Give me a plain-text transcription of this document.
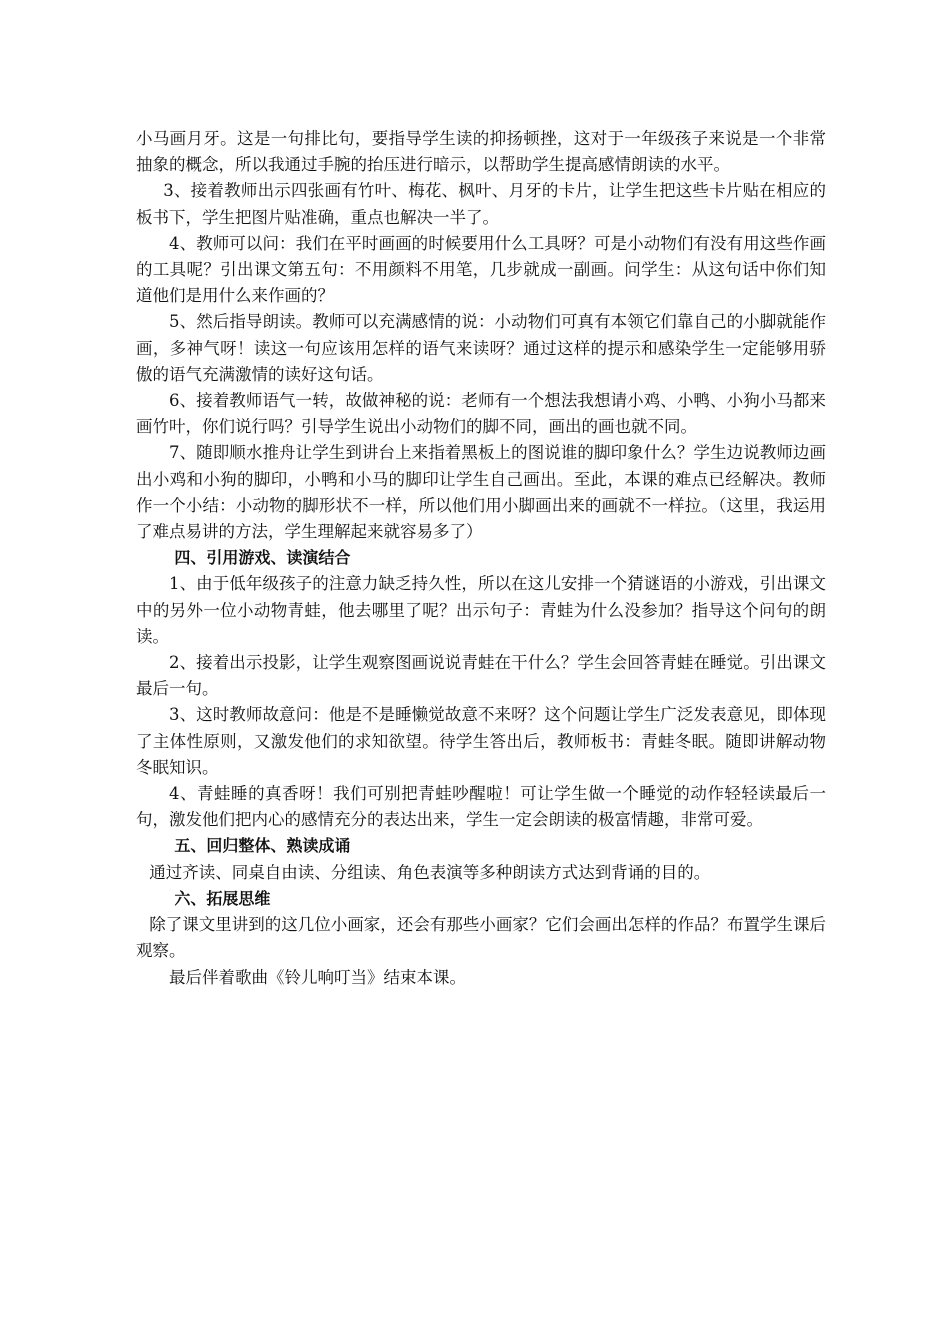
小马画月牙。这是一句排比句，要指导学生读的抑扬顿挫，这对于一年级孩子来说是一个非常抽象的概念，所以我通过手腕的抬压进行暗示，以帮助学生提高感情朗读的水平。

3、接着教师出示四张画有竹叶、梅花、枫叶、月牙的卡片，让学生把这些卡片贴在相应的板书下，学生把图片贴准确，重点也解决一半了。

4、教师可以问：我们在平时画画的时候要用什么工具呀？可是小动物们有没有用这些作画的工具呢？引出课文第五句：不用颜料不用笔，几步就成一副画。问学生：从这句话中你们知道他们是用什么来作画的？

5、然后指导朗读。教师可以充满感情的说：小动物们可真有本领它们靠自己的小脚就能作画，多神气呀！读这一句应该用怎样的语气来读呀？通过这样的提示和感染学生一定能够用骄傲的语气充满激情的读好这句话。

6、接着教师语气一转，故做神秘的说：老师有一个想法我想请小鸡、小鸭、小狗小马都来画竹叶，你们说行吗？引导学生说出小动物们的脚不同，画出的画也就不同。

7、随即顺水推舟让学生到讲台上来指着黑板上的图说谁的脚印象什么？学生边说教师边画出小鸡和小狗的脚印，小鸭和小马的脚印让学生自己画出。至此，本课的难点已经解决。教师作一个小结：小动物的脚形状不一样，所以他们用小脚画出来的画就不一样拉。（这里，我运用了难点易讲的方法，学生理解起来就容易多了）

四、引用游戏、读演结合

1、由于低年级孩子的注意力缺乏持久性，所以在这儿安排一个猜谜语的小游戏，引出课文中的另外一位小动物青蛙，他去哪里了呢？出示句子：青蛙为什么没参加？指导这个问句的朗读。

2、接着出示投影，让学生观察图画说说青蛙在干什么？学生会回答青蛙在睡觉。引出课文最后一句。

3、这时教师故意问：他是不是睡懒觉故意不来呀？这个问题让学生广泛发表意见，即体现了主体性原则，又激发他们的求知欲望。待学生答出后，教师板书：青蛙冬眠。随即讲解动物冬眠知识。

4、青蛙睡的真香呀！我们可别把青蛙吵醒啦！可让学生做一个睡觉的动作轻轻读最后一句，激发他们把内心的感情充分的表达出来，学生一定会朗读的极富情趣，非常可爱。

五、回归整体、熟读成诵

通过齐读、同桌自由读、分组读、角色表演等多种朗读方式达到背诵的目的。

六、拓展思维

除了课文里讲到的这几位小画家，还会有那些小画家？它们会画出怎样的作品？布置学生课后观察。

最后伴着歌曲《铃儿响叮当》结束本课。
